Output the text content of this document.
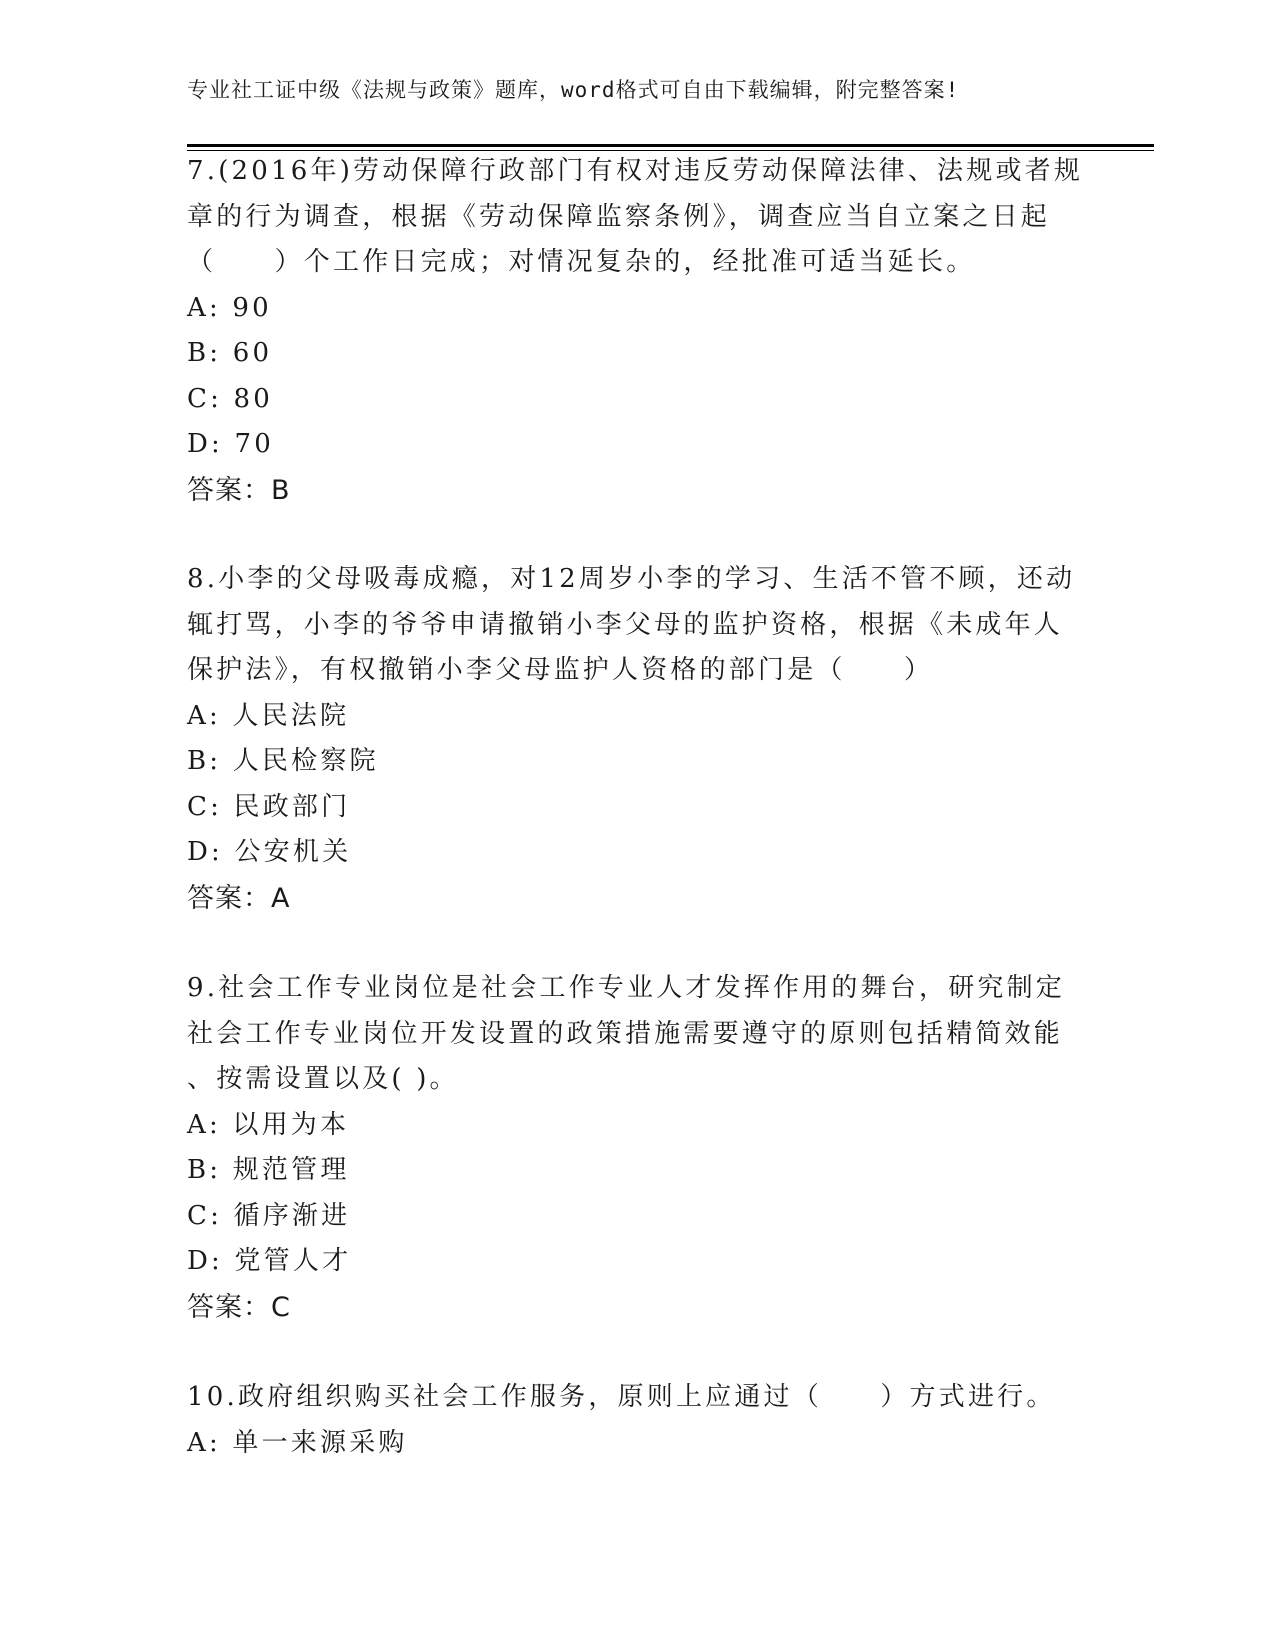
专业社工证中级《法规与政策》题库，word格式可自由下载编辑，附完整答案!
7.(2016年)劳动保障行政部门有权对违反劳动保障法律、法规或者规
章的行为调查，根据《劳动保障监察条例》，调查应当自立案之日起
（　　）个工作日完成；对情况复杂的，经批准可适当延长。
A: 90
B: 60
C: 80
D: 70
答案：B
8.小李的父母吸毒成瘾，对12周岁小李的学习、生活不管不顾，还动
辄打骂，小李的爷爷申请撤销小李父母的监护资格，根据《未成年人
保护法》，有权撤销小李父母监护人资格的部门是（　　）
A: 人民法院
B: 人民检察院
C: 民政部门
D: 公安机关
答案：A
9.社会工作专业岗位是社会工作专业人才发挥作用的舞台，研究制定
社会工作专业岗位开发设置的政策措施需要遵守的原则包括精简效能
、按需设置以及( )。
A: 以用为本
B: 规范管理
C: 循序渐进
D: 党管人才
答案：C
10.政府组织购买社会工作服务，原则上应通过（　　）方式进行。
A: 单一来源采购
